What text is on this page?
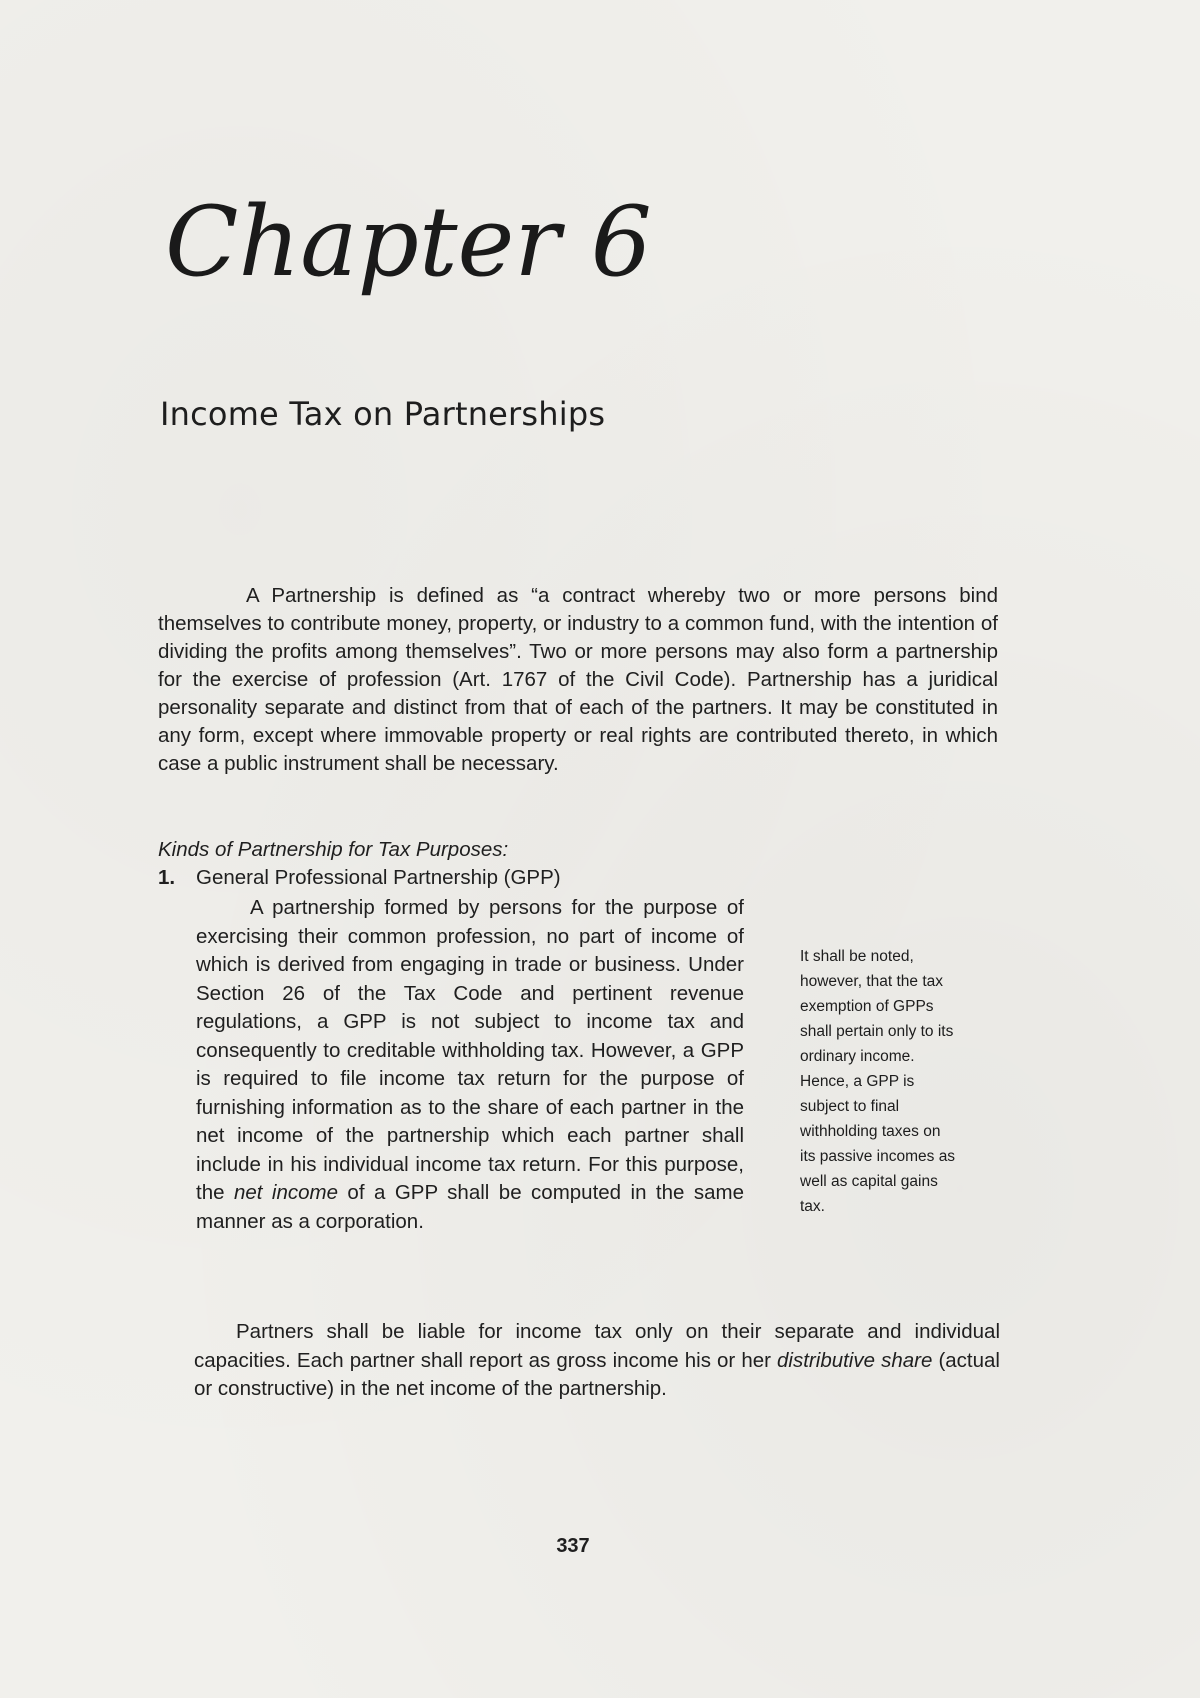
Chapter 6
Income Tax on Partnerships

A Partnership is defined as “a contract whereby two or more persons bind themselves to contribute money, property, or industry to a common fund, with the intention of dividing the profits among themselves”. Two or more persons may also form a partnership for the exercise of profession (Art. 1767 of the Civil Code). Partnership has a juridical personality separate and distinct from that of each of the partners. It may be constituted in any form, except where immovable property or real rights are contributed thereto, in which case a public instrument shall be necessary.

Kinds of Partnership for Tax Purposes:

1. General Professional Partnership (GPP)

A partnership formed by persons for the purpose of exercising their common profession, no part of income of which is derived from engaging in trade or business. Under Section 26 of the Tax Code and pertinent revenue regulations, a GPP is not subject to income tax and consequently to creditable withholding tax. However, a GPP is required to file income tax return for the purpose of furnishing information as to the share of each partner in the net income of the partnership which each partner shall include in his individual income tax return. For this purpose, the net income of a GPP shall be computed in the same manner as a corporation.

It shall be noted, however, that the tax exemption of GPPs shall pertain only to its ordinary income. Hence, a GPP is subject to final withholding taxes on its passive incomes as well as capital gains tax.

Partners shall be liable for income tax only on their separate and individual capacities. Each partner shall report as gross income his or her distributive share (actual or constructive) in the net income of the partnership.

337
